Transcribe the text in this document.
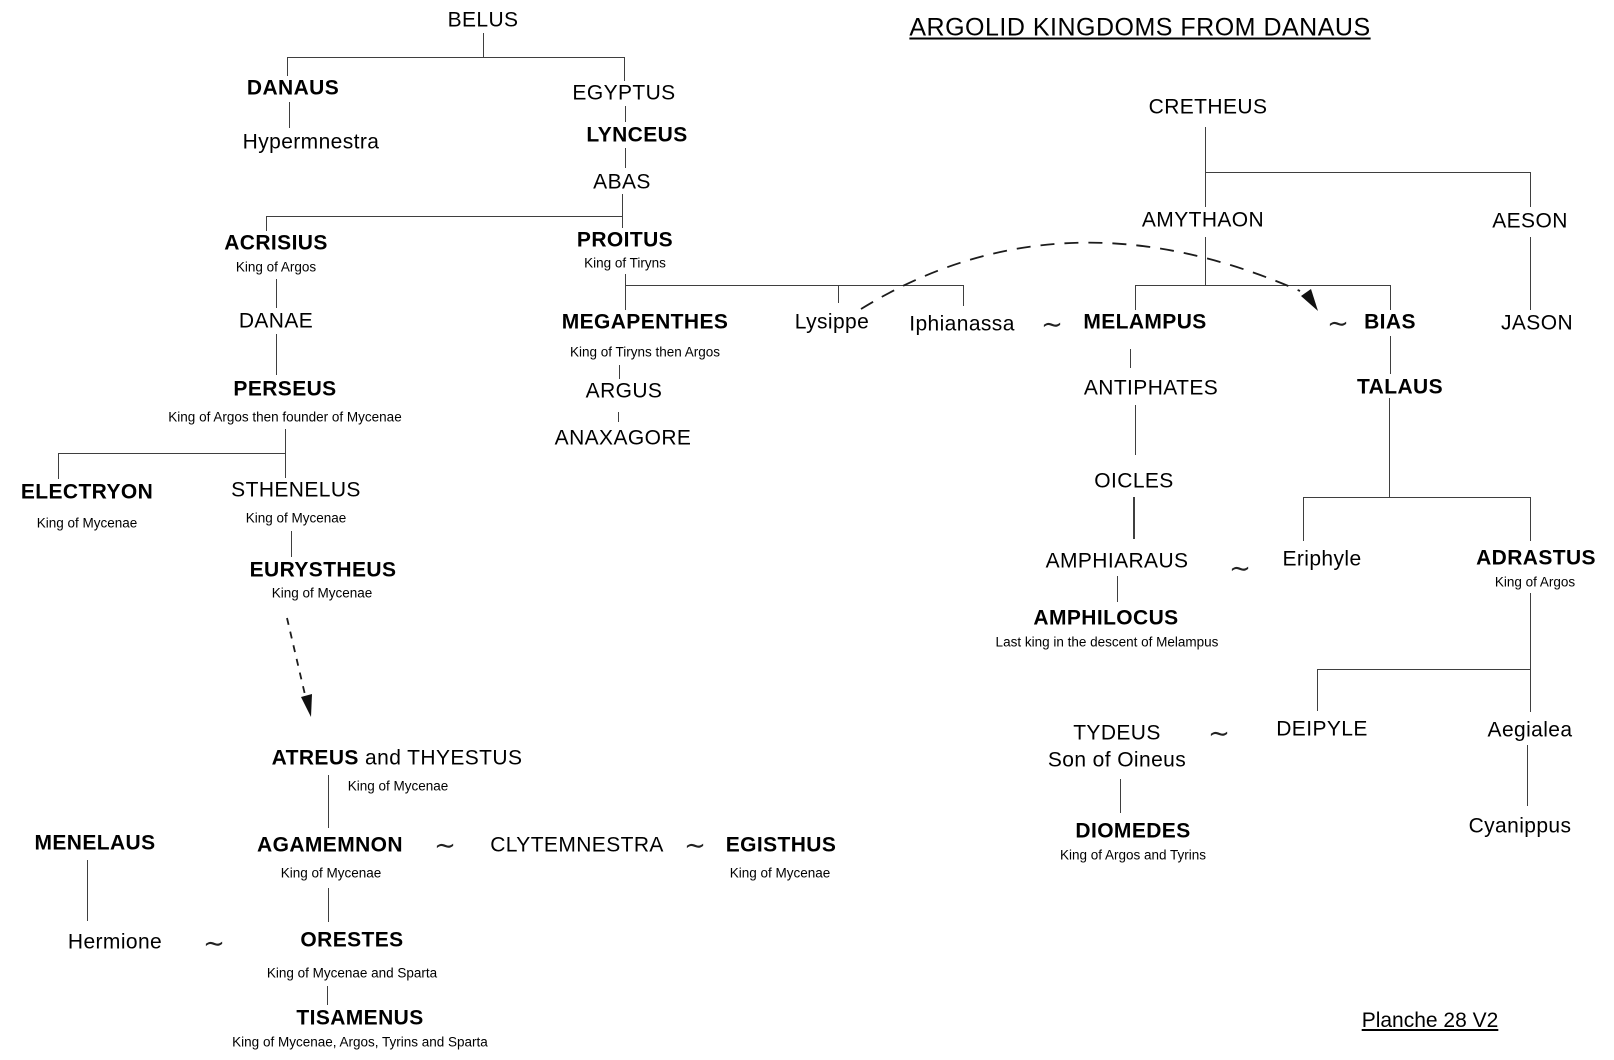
ARGOLID KINGDOMS FROM DANAUS
Planche 28 V2
BELUS
DANAUS	EGYPTUS
Hypermnestra	LYNCEUS
ABAS
ACRISIUS
King of Argos
PROITUS
King of Tiryns
DANAE	MEGAPENTHES
King of Tiryns then Argos
Lysippe Iphianassa ∼ MELAMPUS	∼ BIAS
PERSEUS
King of Argos then founder of Mycenae
ARGUS
ANAXAGORE
CRETHEUS
AMYTHAON	AESON
JASON
ANTIPHATES	TALAUS
OICLES
AMPHIARAUS ∼ Eriphyle	ADRASTUS
King of Argos
ELECTRYON
King of Mycenae
STHENELUS
King of Mycenae
EURYSTHEUS
King of Mycenae
AMPHILOCUS
Last king in the descent of Melampus
TYDEUS
Son of Oineus
∼ DEIPYLE	Aegialea
Cyanippus
ATREUS and THYESTUS
King of Mycenae
DIOMEDES
King of Argos and Tyrins
MENELAUS	AGAMEMNON
King of Mycenae
∼ CLYTEMNESTRA ∼ EGISTHUS
King of Mycenae
Hermione ∼	ORESTES
King of Mycenae and Sparta
TISAMENUS
King of Mycenae, Argos, Tyrins and Sparta
